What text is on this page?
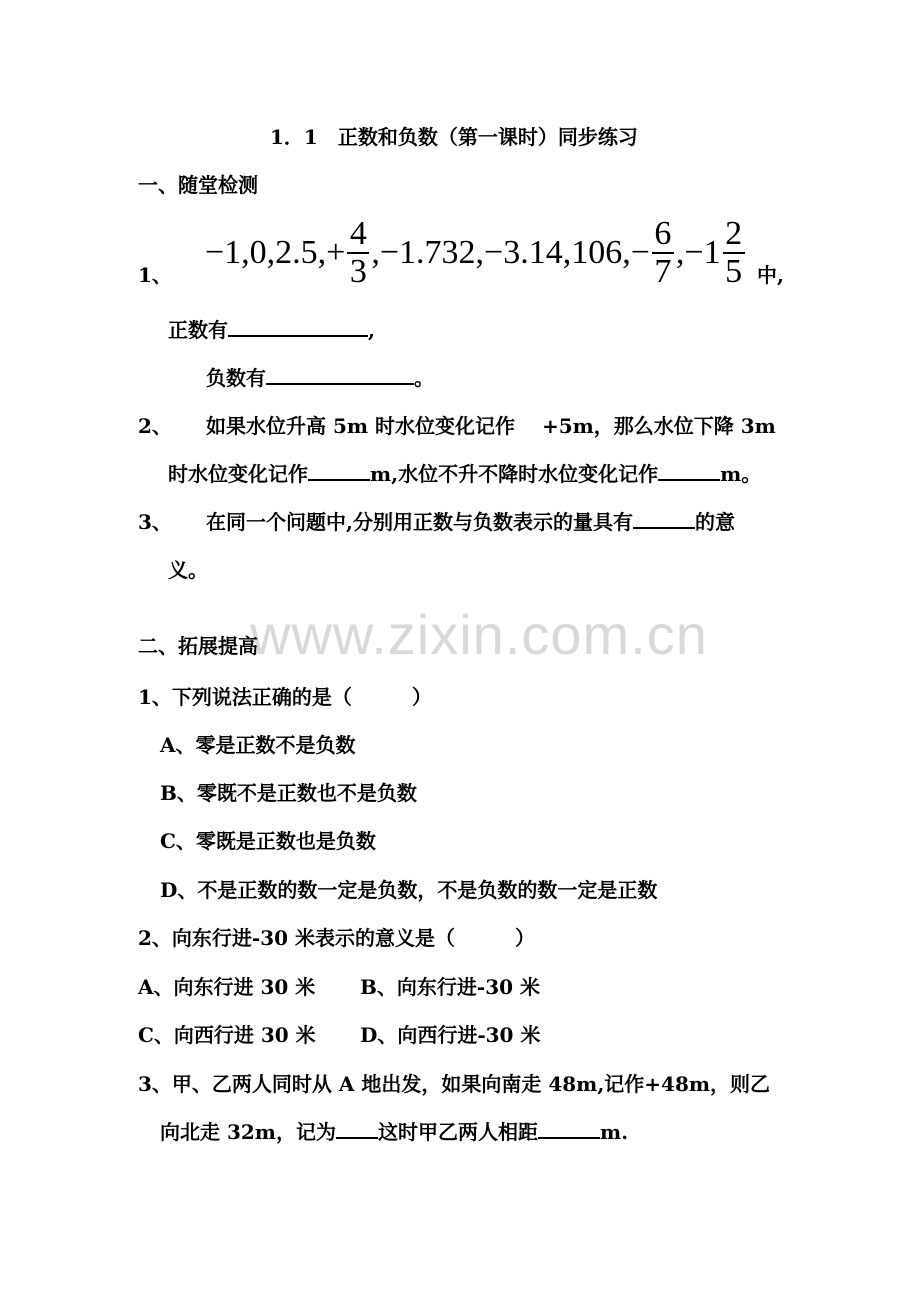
1．1　正数和负数（第一课时）同步练习
一、随堂检测
1、
$-1,0,2.5,+ \frac{4}{3} ,-1.732,-3.14,106,- \frac{6}{7} ,-1 \frac{2}{5}$ 中,
正数有	,
负数有	。
2、 如果水位升高 5m 时水位变化记作　 +5m，那么水位下降 3m
时水位变化记作	m,水位不升不降时水位变化记作	m。
3、 在同一个问题中,分别用正数与负数表示的量具有	的意
义。
www.zixin.com.cn
二、拓展提高
1、下列说法正确的是（　　　）
A、零是正数不是负数
B、零既不是正数也不是负数
C、零既是正数也是负数
D、不是正数的数一定是负数，不是负数的数一定是正数
2、向东行进-30 米表示的意义是（　　　）
A、向东行进 30 米 B、向东行进-30 米
C、向西行进 30 米 D、向西行进-30 米
3、甲、乙两人同时从 A 地出发，如果向南走 48m,记作+48m，则乙
向北走 32m，记为 这时甲乙两人相距	m.
